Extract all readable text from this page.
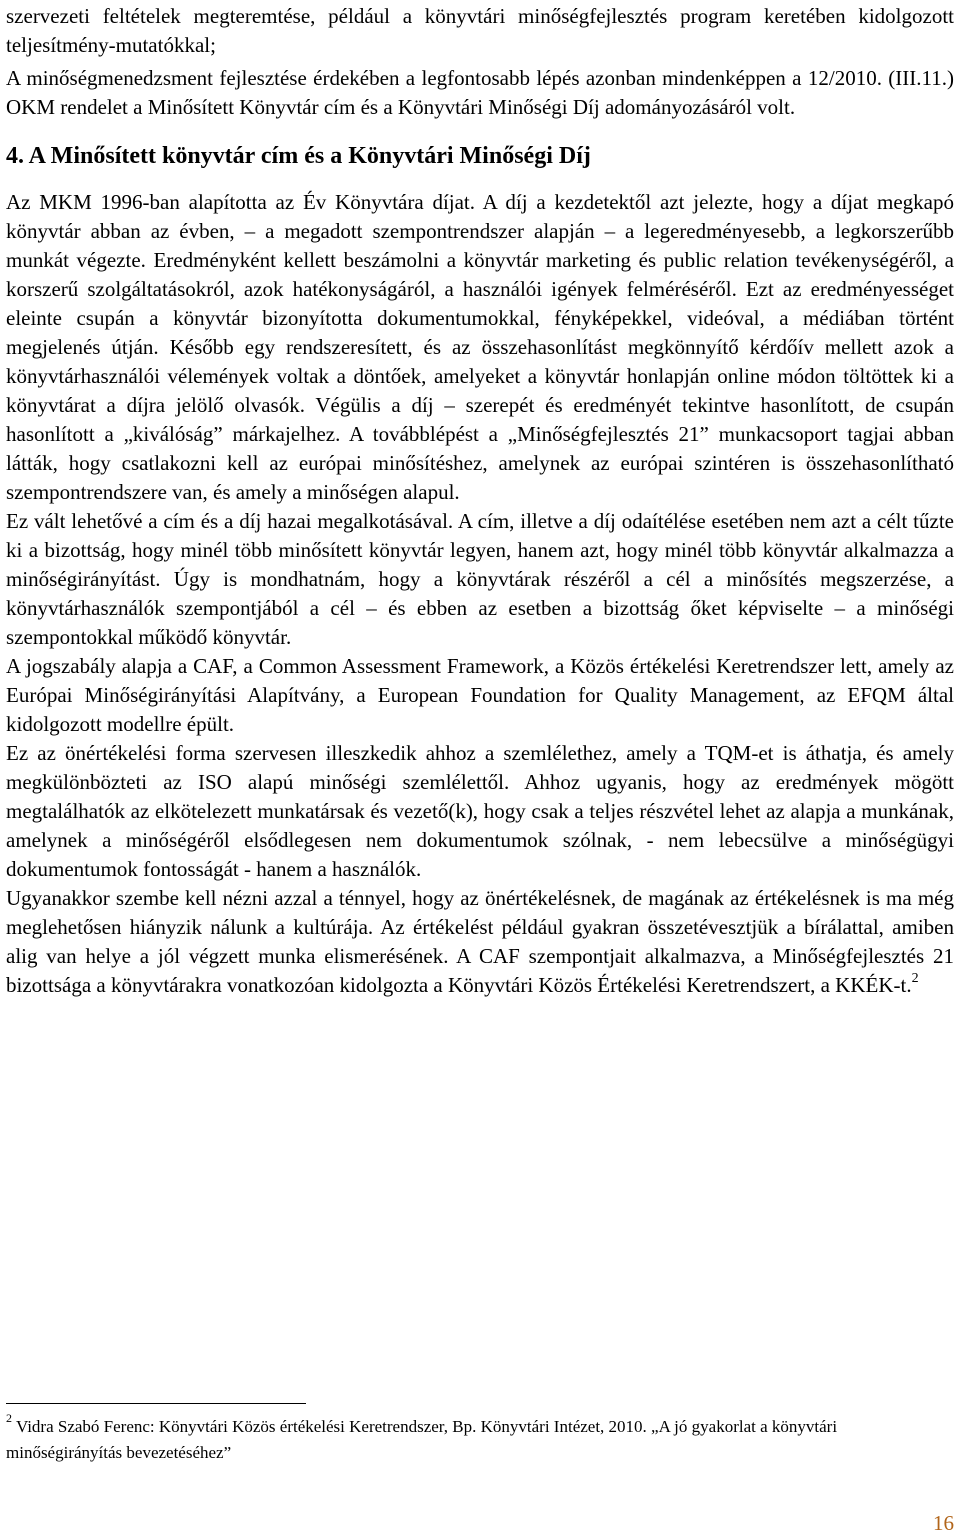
szervezeti feltételek megteremtése, például a könyvtári minőségfejlesztés program keretében kidolgozott teljesítmény-mutatókkal;

A minőségmenedzsment fejlesztése érdekében a legfontosabb lépés azonban mindenképpen a 12/2010. (III.11.) OKM rendelet a Minősített Könyvtár cím és a Könyvtári Minőségi Díj adományozásáról volt.

4. A Minősített könyvtár cím és a Könyvtári Minőségi Díj

Az MKM 1996-ban alapította az Év Könyvtára díjat. A díj a kezdetektől azt jelezte, hogy a díjat megkapó könyvtár abban az évben, – a megadott szempontrendszer alapján – a legeredményesebb, a legkorszerűbb munkát végezte. Eredményként kellett beszámolni a könyvtár marketing és public relation tevékenységéről, a korszerű szolgáltatásokról, azok hatékonyságáról, a használói igények felméréséről. Ezt az eredményességet eleinte csupán a könyvtár bizonyította dokumentumokkal, fényképekkel, videóval, a médiában történt megjelenés útján. Később egy rendszeresített, és az összehasonlítást megkönnyítő kérdőív mellett azok a könyvtárhasználói vélemények voltak a döntőek, amelyeket a könyvtár honlapján online módon töltöttek ki a könyvtárat a díjra jelölő olvasók. Végülis a díj – szerepét és eredményét tekintve hasonlított, de csupán hasonlított a „kiválóság” márkajelhez. A továbblépést a „Minőségfejlesztés 21” munkacsoport tagjai abban látták, hogy csatlakozni kell az európai minősítéshez, amelynek az európai szintéren is összehasonlítható szempontrendszere van, és amely a minőségen alapul.

Ez vált lehetővé a cím és a díj hazai megalkotásával. A cím, illetve a díj odaítélése esetében nem azt a célt tűzte ki a bizottság, hogy minél több minősített könyvtár legyen, hanem azt, hogy minél több könyvtár alkalmazza a minőségirányítást. Úgy is mondhatnám, hogy a könyvtárak részéről a cél a minősítés megszerzése, a könyvtárhasználók szempontjából a cél – és ebben az esetben a bizottság őket képviselte – a minőségi szempontokkal működő könyvtár.

A jogszabály alapja a CAF, a Common Assessment Framework, a Közös értékelési Keretrendszer lett, amely az Európai Minőségirányítási Alapítvány, a European Foundation for Quality Management, az EFQM által kidolgozott modellre épült.

Ez az önértékelési forma szervesen illeszkedik ahhoz a szemlélethez, amely a TQM-et is áthatja, és amely megkülönbözteti az ISO alapú minőségi szemlélettől. Ahhoz ugyanis, hogy az eredmények mögött megtalálhatók az elkötelezett munkatársak és vezető(k), hogy csak a teljes részvétel lehet az alapja a munkának, amelynek a minőségéről elsődlegesen nem dokumentumok szólnak, - nem lebecsülve a minőségügyi dokumentumok fontosságát - hanem a használók.

Ugyanakkor szembe kell nézni azzal a ténnyel, hogy az önértékelésnek, de magának az értékelésnek is ma még meglehetősen hiányzik nálunk a kultúrája. Az értékelést például gyakran összetévesztjük a bírálattal, amiben alig van helye a jól végzett munka elismerésének. A CAF szempontjait alkalmazva, a Minőségfejlesztés 21 bizottsága a könyvtárakra vonatkozóan kidolgozta a Könyvtári Közös Értékelési Keretrendszert, a KKÉK-t.$^2$

$^2$ Vidra Szabó Ferenc: Könyvtári Közös értékelési Keretrendszer, Bp. Könyvtári Intézet, 2010. „A jó gyakorlat a könyvtári minőségirányítás bevezetéséhez”
16
